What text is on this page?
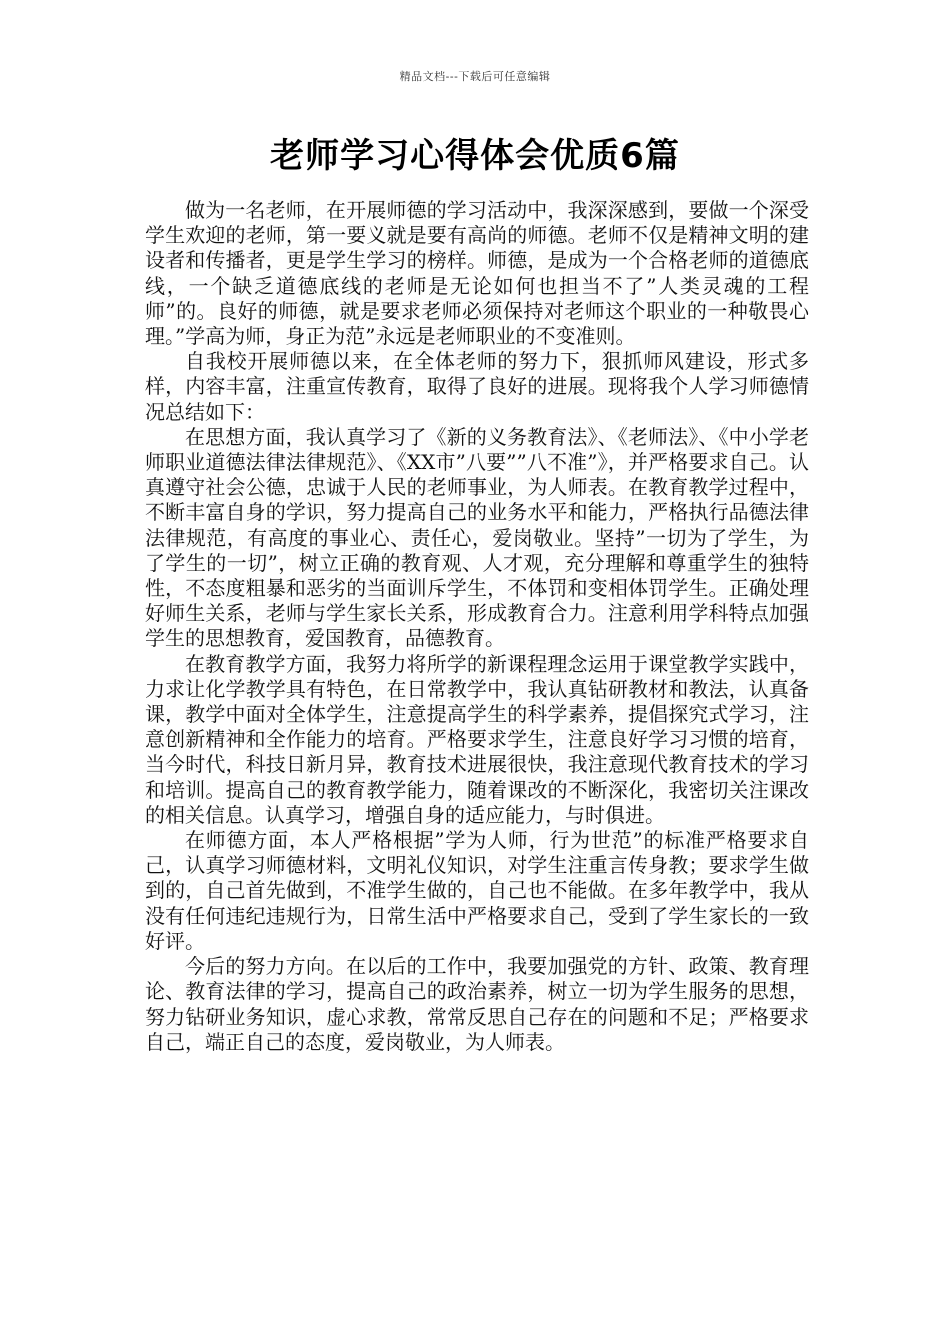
精品文档---下载后可任意编辑
老师学习心得体会优质6篇

做为一名老师，在开展师德的学习活动中，我深深感到，要做一个深受学生欢迎的老师，第一要义就是要有高尚的师德。老师不仅是精神文明的建设者和传播者，更是学生学习的榜样。师德，是成为一个合格老师的道德底线，一个缺乏道德底线的老师是无论如何也担当不了”人类灵魂的工程师”的。良好的师德，就是要求老师必须保持对老师这个职业的一种敬畏心理。”学高为师，身正为范”永远是老师职业的不变准则。

自我校开展师德以来，在全体老师的努力下，狠抓师风建设，形式多样，内容丰富，注重宣传教育，取得了良好的进展。现将我个人学习师德情况总结如下：

在思想方面，我认真学习了《新的义务教育法》、《老师法》、《中小学老师职业道德法律法律规范》、《XX市”八要””八不准”》，并严格要求自己。认真遵守社会公德，忠诚于人民的老师事业，为人师表。在教育教学过程中，不断丰富自身的学识，努力提高自己的业务水平和能力，严格执行品德法律法律规范，有高度的事业心、责任心，爱岗敬业。坚持”一切为了学生，为了学生的一切”，树立正确的教育观、人才观，充分理解和尊重学生的独特性，不态度粗暴和恶劣的当面训斥学生，不体罚和变相体罚学生。正确处理好师生关系，老师与学生家长关系，形成教育合力。注意利用学科特点加强学生的思想教育，爱国教育，品德教育。

在教育教学方面，我努力将所学的新课程理念运用于课堂教学实践中，力求让化学教学具有特色，在日常教学中，我认真钻研教材和教法，认真备课，教学中面对全体学生，注意提高学生的科学素养，提倡探究式学习，注意创新精神和全作能力的培育。严格要求学生，注意良好学习习惯的培育，当今时代，科技日新月异，教育技术进展很快，我注意现代教育技术的学习和培训。提高自己的教育教学能力，随着课改的不断深化，我密切关注课改的相关信息。认真学习，增强自身的适应能力，与时俱进。

在师德方面，本人严格根据”学为人师，行为世范”的标准严格要求自己，认真学习师德材料，文明礼仪知识，对学生注重言传身教；要求学生做到的，自己首先做到，不准学生做的，自己也不能做。在多年教学中，我从没有任何违纪违规行为，日常生活中严格要求自己，受到了学生家长的一致好评。

今后的努力方向。在以后的工作中，我要加强党的方针、政策、教育理论、教育法律的学习，提高自己的政治素养，树立一切为学生服务的思想，努力钻研业务知识，虚心求教，常常反思自己存在的问题和不足；严格要求自己，端正自己的态度，爱岗敬业，为人师表。
